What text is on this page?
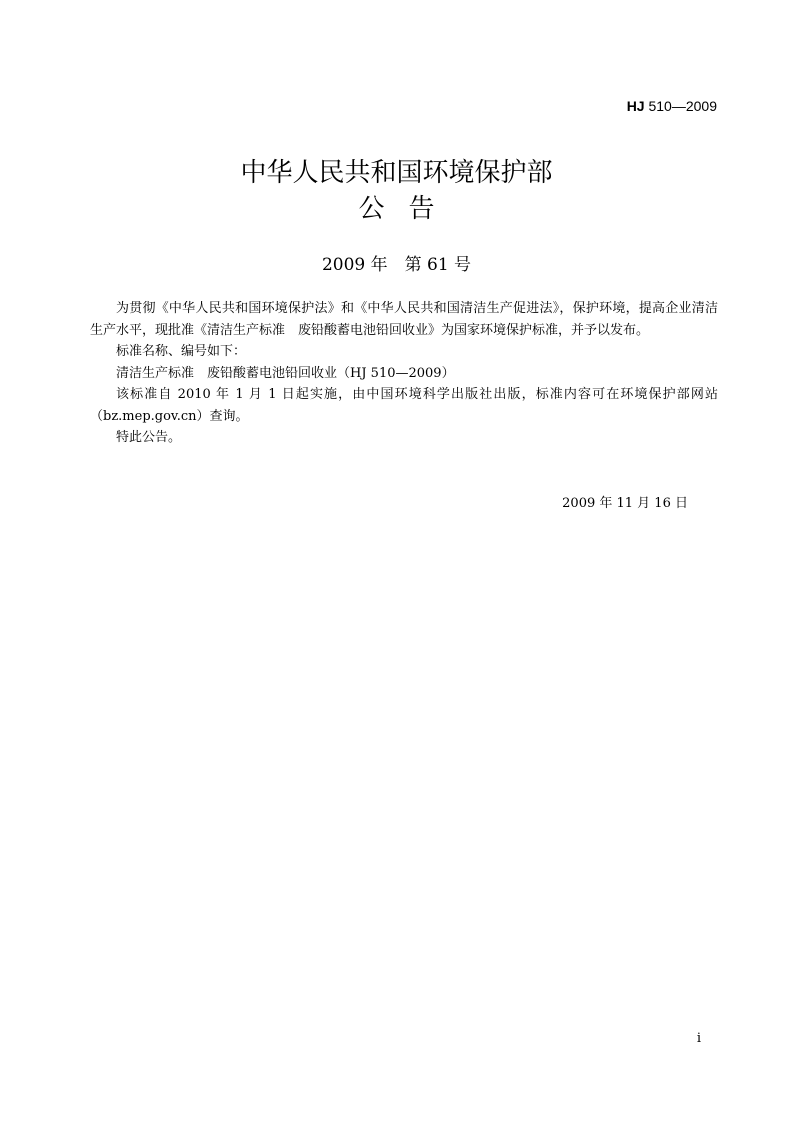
HJ 510—2009
中华人民共和国环境保护部
公告
2009 年　第 61 号

为贯彻《中华人民共和国环境保护法》和《中华人民共和国清洁生产促进法》，保护环境，提高企业清洁生产水平，现批准《清洁生产标准　废铅酸蓄电池铅回收业》为国家环境保护标准，并予以发布。

标准名称、编号如下：

清洁生产标准　废铅酸蓄电池铅回收业（HJ 510—2009）

该标准自 2010 年 1 月 1 日起实施，由中国环境科学出版社出版，标准内容可在环境保护部网站（bz.mep.gov.cn）查询。

特此公告。

2009 年 11 月 16 日
i
